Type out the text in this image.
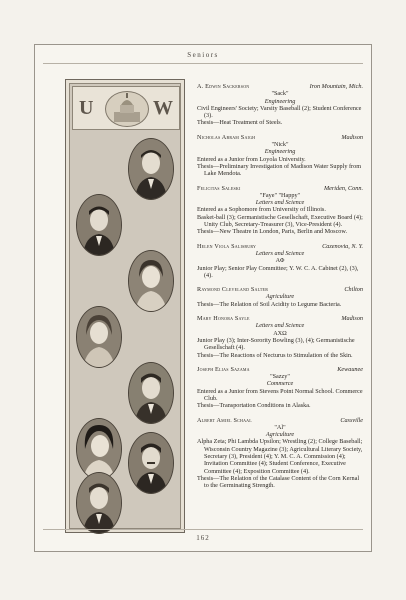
Seniors
U	W
A. Edwin Sackerson	Iron Mountain, Mich.
"Sack"
Engineering
Civil Engineers' Society; Varsity Baseball (2); Student Conference (3).
Thesis—Heat Treatment of Steels.
Nicholas Abram Saigh	Madison
"Nick"
Engineering
Entered as a Junior from Loyola University.
Thesis—Preliminary Investigation of Madison Water Supply from Lake Mendota.
Felicitas Saleski	Meriden, Conn.
"Faye" "Happy"
Letters and Science
Entered as a Sophomore from University of Illinois.
Basket-ball (3); Germanistische Gesellschaft, Executive Board (4); Unity Club, Secretary-Treasurer (3), Vice-President (4).
Thesis—New Theatre in London, Paris, Berlin and Moscow.
Helen Viola Salisbury	Cazenovia, N. Y.
Letters and Science
ΑΦ
Junior Play; Senior Play Committee; Y. W. C. A. Cabinet (2), (3), (4).
Raymond Cleveland Salter	Chilton
Agriculture
Thesis—The Relation of Soil Acidity to Legume Bacteria.
Mary Honora Sayle	Madison
Letters and Science
ΑΧΩ
Junior Play (3); Inter-Sorority Bowling (3), (4); Germanistische Gesellschaft (4).
Thesis—The Reactions of Necturus to Stimulation of the Skin.
Joseph Elias Sazama	Kewaunee
"Sazzy"
Commerce
Entered as a Junior from Stevens Point Normal School. Commerce Club.
Thesis—Transportation Conditions in Alaska.
Albert Amiel Schaal	Cassville
"Al"
Agriculture
Alpha Zeta; Phi Lambda Upsilon; Wrestling (2); College Baseball; Wisconsin Country Magazine (3); Agricultural Literary Society, Secretary (3), President (4); Y. M. C. A. Commission (4); Invitation Committee (4); Student Conference, Executive Committee (4); Exposition Committee (4).
Thesis—The Relation of the Catalase Content of the Corn Kernal to the Germinating Strength.
162
